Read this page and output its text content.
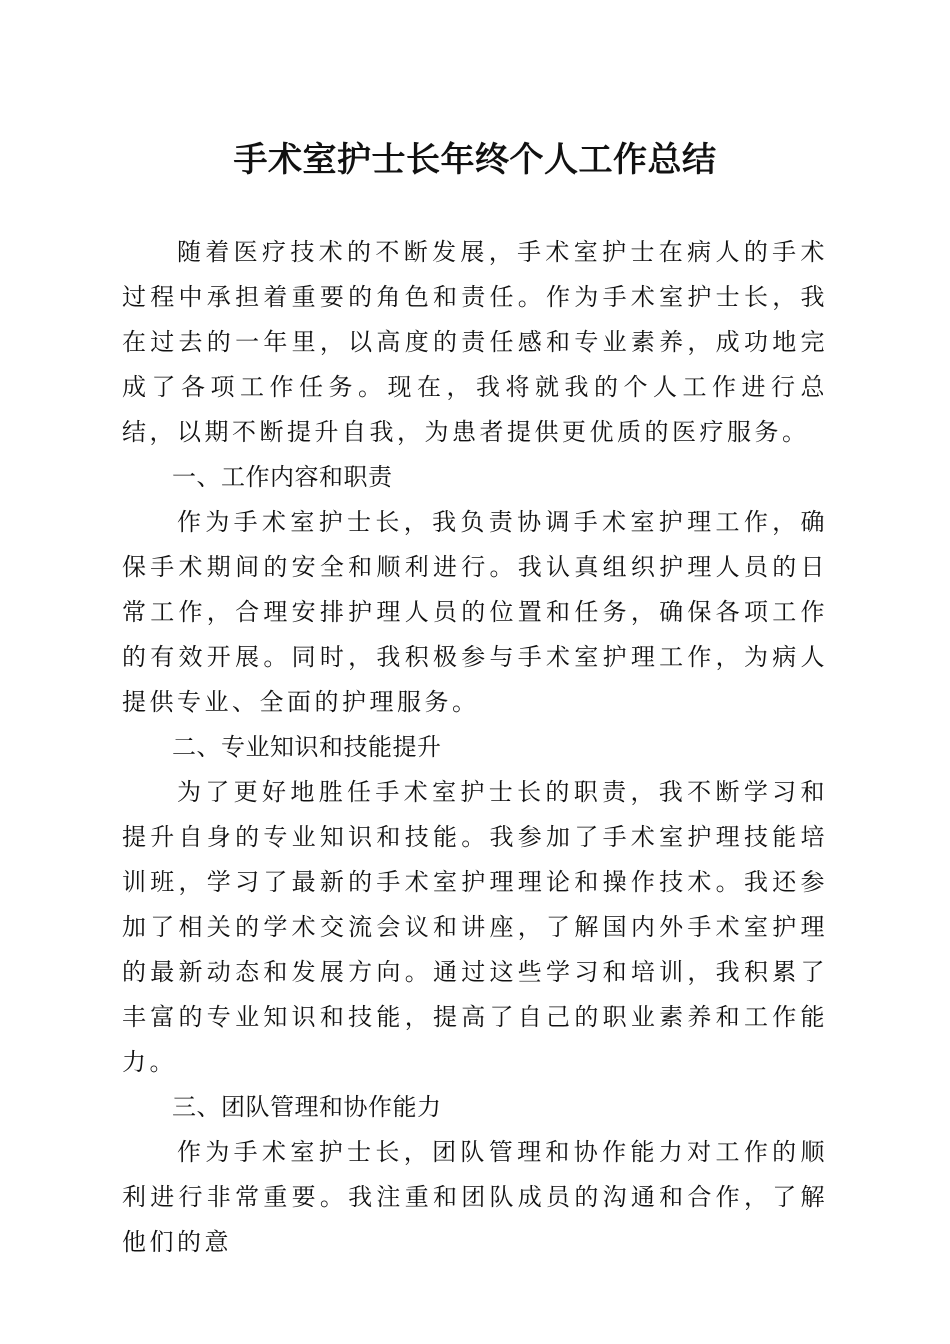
手术室护士长年终个人工作总结

随着医疗技术的不断发展，手术室护士在病人的手术过程中承担着重要的角色和责任。作为手术室护士长，我在过去的一年里，以高度的责任感和专业素养，成功地完成了各项工作任务。现在，我将就我的个人工作进行总结，以期不断提升自我，为患者提供更优质的医疗服务。

一、工作内容和职责

作为手术室护士长，我负责协调手术室护理工作，确保手术期间的安全和顺利进行。我认真组织护理人员的日常工作，合理安排护理人员的位置和任务，确保各项工作的有效开展。同时，我积极参与手术室护理工作，为病人提供专业、全面的护理服务。

二、专业知识和技能提升

为了更好地胜任手术室护士长的职责，我不断学习和提升自身的专业知识和技能。我参加了手术室护理技能培训班，学习了最新的手术室护理理论和操作技术。我还参加了相关的学术交流会议和讲座，了解国内外手术室护理的最新动态和发展方向。通过这些学习和培训，我积累了丰富的专业知识和技能，提高了自己的职业素养和工作能力。

三、团队管理和协作能力

作为手术室护士长，团队管理和协作能力对工作的顺利进行非常重要。我注重和团队成员的沟通和合作，了解他们的意
